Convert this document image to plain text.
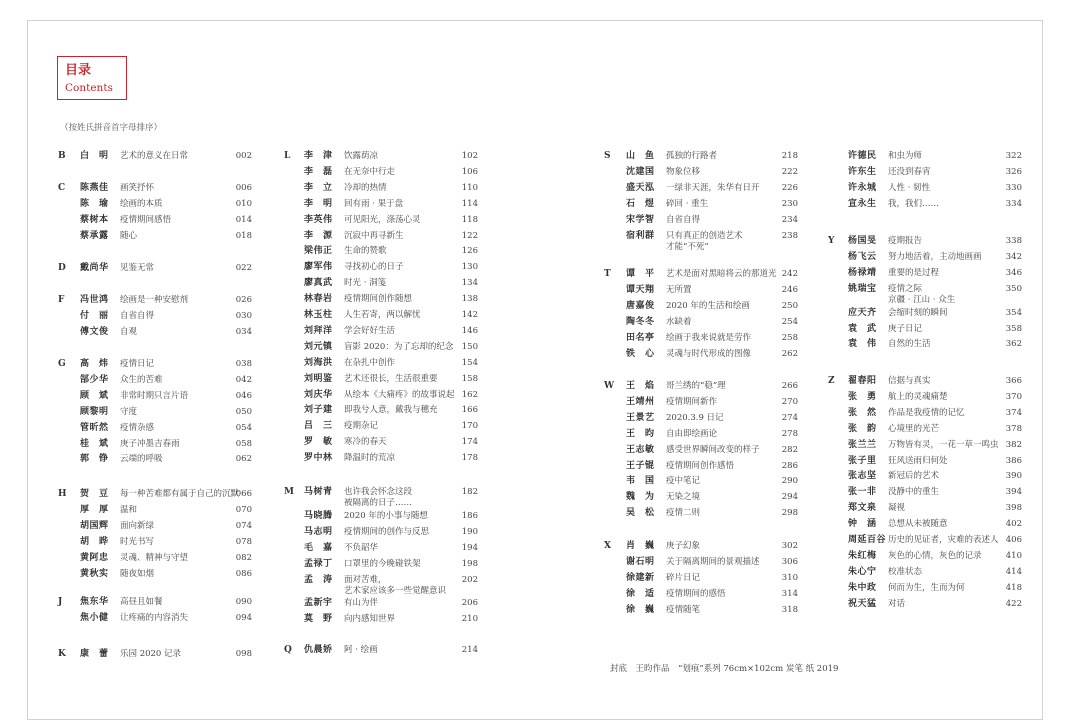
目录
Contents
（按姓氏拼音首字母排序）
B 白　明 艺术的意义在日常	002
C 陈燕佳 画笑抒怀	006
陈　瑜 绘画的本质	010
蔡树本 疫情期间感悟	014
蔡承露 随心	018
D 戴尚华 见鉴无常	022
F 冯世鸿 绘画是一种安慰剂	026
付　丽 自省自得	030
傅文俊 自观	034
G 高　炜 疫情日记	038
郜少华 众生的苦难	042
顾　斌 非常时期只言片语	046
顾黎明 守度	050
管昕然 疫情杂感	054
桂　斌 庚子冲墨吉春雨	058
郭　铮 云端的呼吸	062
H 贺　豆 每一种苦难都有属于自己的沉默
066
厚　厚 温和	070
胡国辉 面向新绿	074
胡　晔 时光书写	078
黄阿忠 灵魂、精神与守望	082
黄秋实 随夜如烟	086
J 焦东华 高昼且如餐	090
焦小健 让疼痛的内容消失	094
K 康　蕾 乐园 2020 记录	098
L 李　津 饮露荫凉	102
李　磊 在无奈中行走	106
李　立 冷却的热情	110
李　明 回有雨 · 果于盘	114
李英伟 可见阳光，涤荡心灵	118
李　源 沉寂中再寻新生	122
梁伟正 生命的赞歌	126
廖军伟 寻找初心的日子	130
廖真武 时光 · 洞笺	134
林春岩 疫情期间创作随想	138
林玉柱 人生若寄，两以解忧	142
刘拜洋 学会好好生活	146
刘元镇 盲影 2020：为了忘却的纪念 150
刘海洪 在杂扎中创作	154
刘明鉴 艺术还很长，生活很重要	158
刘庆华 从绘本《大痛疼》的故事说起 162
刘子建 即我兮人意，戴我与穗充	166
吕　三 疫期杂记	170
罗　敏 寒冷的春天	174
罗中林 降温时的荒凉	178
M 马树青 也许我会怀念这段
被隔离的日子……
182
马晓腾 2020 年的小事与随想	186
马志明 疫情期间的创作与反思	190
毛　嘉 不负韶华	194
孟禄丁 口罩里的今晚碰铁架	198
孟　涛 面对苦难，
艺术家应该多一些觉醒意识
202
孟新宇 有山为伴	206
莫　野 向内感知世界	210
Q 仇晨娇 阿 · 绘画	214
S 山　鱼 孤独的行路者	218
沈建国 物象位移	222
盛天泓 一绿非天涯，朱华有日开	226
石　煜 碎回 · 重生	230
宋学智 自省自得	234
宿利群 只有真正的创造艺术
才能“不死”
238
T 谭　平 艺术是面对黑暗将云的那道光 242
谭天翔 无所置	246
唐嘉俊 2020 年的生活和绘画	250
陶冬冬 水缺着	254
田名亭 绘画于我来说就是劳作	258
铁　心 灵魂与时代形成的图像	262
W 王　焰 哥兰绣的“稳”理	266
王靖州 疫情期间新作	270
王景艺 2020.3.9 日记	274
王　昀 自由即绘画论	278
王志敏 感受世界瞬间改变的样子	282
王子锟 疫情期间创作感悟	286
韦　国 疫中笔记	290
魏　为 无染之境	294
吴　松 疫情二则	298
X 肖　巍 庚子幻象	302
谢石明 关于隔离期间的景观描述	306
徐建新 碎片日记	310
徐　适 疫情期间的感悟	314
徐　巍 疫情随笔	318
许德民 和虫为师	322
许东生 还没到春宵	326
许永城 人性 · 韧性	330
宣永生 我，我们……	334
Y 杨国旻 疫期报告	338
杨飞云 努力地活着，主动地画画	342
杨禄靖 重要的是过程	346
姚瑞宝 疫情之际
京疆 · 江山 · 众生
350
应天齐 会缩时刻的瞬间	354
袁　武 庚子日记	358
袁　伟 自然的生活	362
Z 翟春阳 信据与真实	366
张　勇 航上的灵魂痛楚	370
张　然 作品是我疫情的记忆	374
张　韵 心境里的光芒	378
张兰兰 万物皆有灵，一花一草一鸣虫 382
张子里 狂风送雨归何处	386
张志坚 新冠后的艺术	390
张一非 没静中的重生	394
郑文泉 凝视	398
钟　涵 总想从未被随意	402
周延百谷 历史的见证者，灾难的表述人 406
朱红梅 灰色的心情，灰色的记录	410
朱心宁 校准状态	414
朱中政 何而为生，生而为何	418
祝天猛 对话	422
封底　王昀作品　“划痕”系列 76cm×102cm 炭笔 纸 2019
